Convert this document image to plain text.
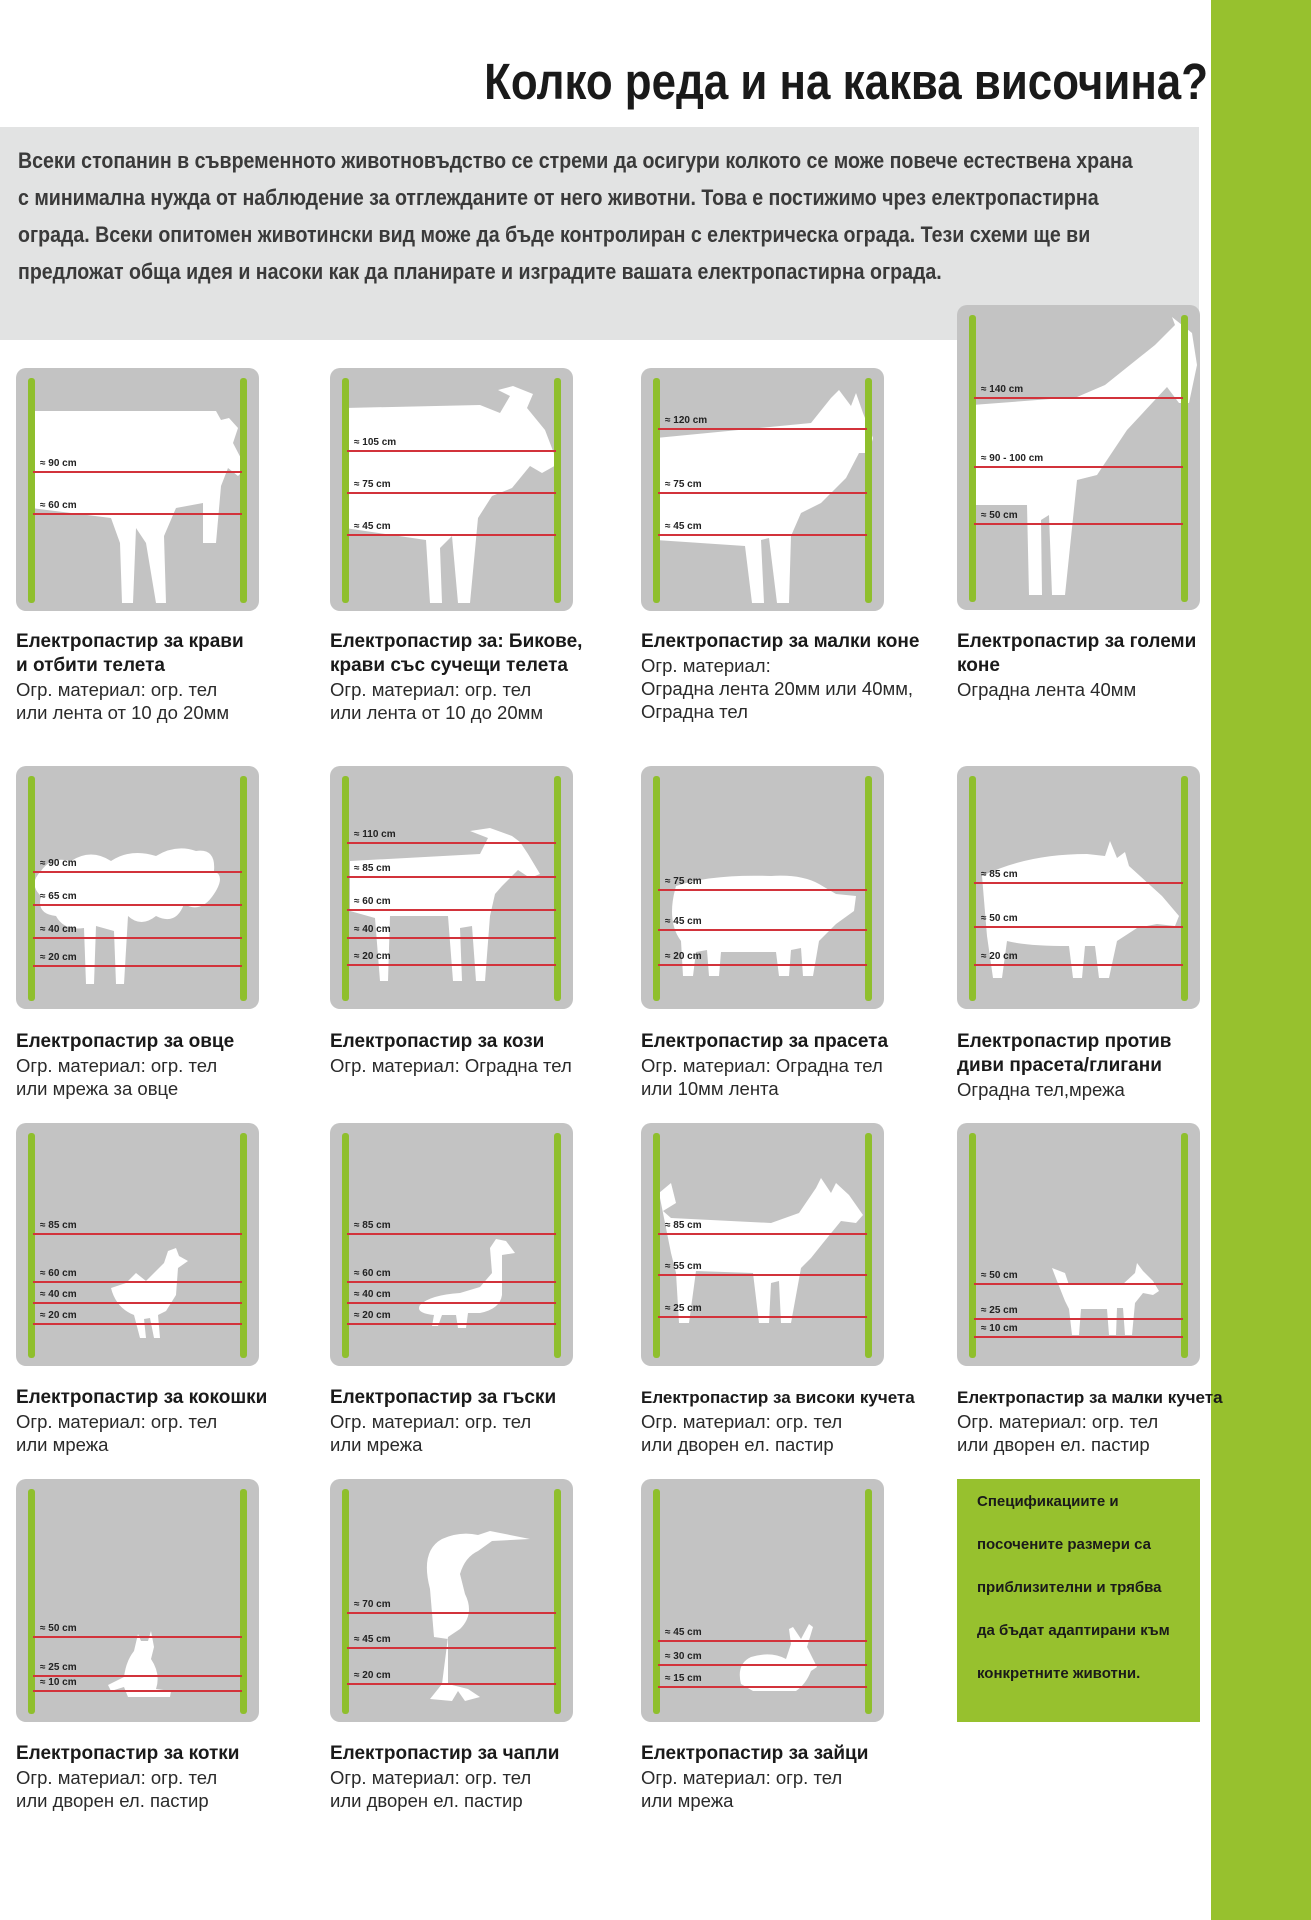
Колко реда и на каква височина?
Всеки стопанин в съвременното животновъдство се стреми да осигури колкото се може повече естествена храна
с минимална нужда от наблюдение за отглежданите от него животни. Това е постижимо чрез електропастирна
ограда. Всеки опитомен животински вид може да бъде контролиран с електрическа ограда. Тези схеми ще ви
предложат обща идея и насоки как да планирате и изградите вашата електропастирна ограда.
≈ 90 cm
≈ 60 cm
Електропастир за крави
и отбити телета
Огр. материал: огр. тел
или лента от 10 до 20мм
≈ 105 cm
≈ 75 cm
≈ 45 cm
Електропастир за: Бикове,
крави със сучещи телета
Огр. материал: огр. тел
или лента от 10 до 20мм
≈ 120 cm
≈ 75 cm
≈ 45 cm
Електропастир за малки коне
Огр. материал:
Оградна лента 20мм или 40мм,
Оградна тел
≈ 140 cm
≈ 90 - 100 cm
≈ 50 cm
Електропастир за големи
коне
Оградна лента 40мм
≈ 90 cm
≈ 65 cm
≈ 40 cm
≈ 20 cm
Електропастир за овце
Огр. материал: огр. тел
или мрежа за овце
≈ 110 cm
≈ 85 cm
≈ 60 cm
≈ 40 cm
≈ 20 cm
Електропастир за кози
Огр. материал: Оградна тел
≈ 75 cm
≈ 45 cm
≈ 20 cm
Електропастир за прасета
Огр. материал: Оградна тел
или 10мм лента
≈ 85 cm
≈ 50 cm
≈ 20 cm
Електропастир против
диви прасета/глигани
Оградна тел,мрежа
≈ 85 cm
≈ 60 cm
≈ 40 cm
≈ 20 cm
Електропастир за кокошки
Огр. материал: огр. тел
или мрежа
≈ 85 cm
≈ 60 cm
≈ 40 cm
≈ 20 cm
Електропастир за гъски
Огр. материал: огр. тел
или мрежа
≈ 85 cm
≈ 55 cm
≈ 25 cm
Електропастир за високи кучета
Огр. материал: огр. тел
или дворен ел. пастир
≈ 50 cm
≈ 25 cm
≈ 10 cm
Електропастир за малки кучета
Огр. материал: огр. тел
или дворен ел. пастир
≈ 50 cm
≈ 25 cm
≈ 10 cm
Електропастир за котки
Огр. материал: огр. тел
или дворен ел. пастир
≈ 70 cm
≈ 45 cm
≈ 20 cm
Електропастир за чапли
Огр. материал: огр. тел
или дворен ел. пастир
≈ 45 cm
≈ 30 cm
≈ 15 cm
Електропастир за зайци
Огр. материал: огр. тел
или мрежа

Спецификациите и

посочените размери са

приблизителни и трябва

да бъдат адаптирани към

конкретните животни.
